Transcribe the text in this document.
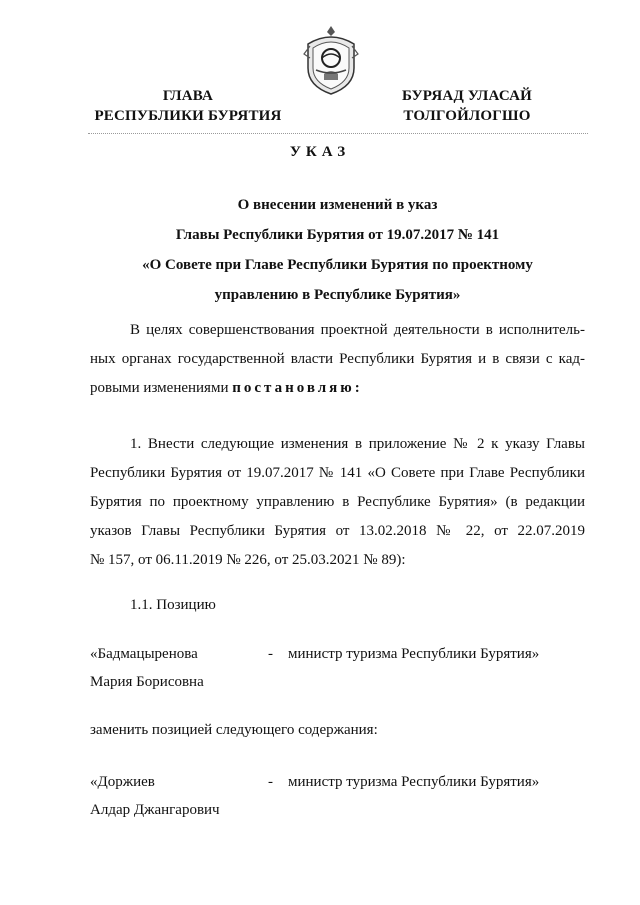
ГЛАВА
РЕСПУБЛИКИ БУРЯТИЯ
БУРЯАД УЛАСАЙ
ТОЛГОЙЛОГШО
УКАЗ
О внесении изменений в указ
Главы Республики Бурятия от 19.07.2017 № 141
«О Совете при Главе Республики Бурятия по проектному
управлению в Республике Бурятия»
В целях совершенствования проектной деятельности в исполнитель-
ных органах государственной власти Республики Бурятия и в связи с кад-
ровыми изменениями постановляю:
1. Внести следующие изменения в приложение № 2 к указу Главы
Республики Бурятия от 19.07.2017 № 141 «О Совете при Главе Республики
Бурятия по проектному управлению в Республике Бурятия» (в редакции
указов Главы Республики Бурятия от 13.02.2018 № 22, от 22.07.2019
№ 157, от 06.11.2019 № 226, от 25.03.2021 № 89):
1.1. Позицию
«Бадмацыренова	- министр туризма Республики Бурятия»
Мария Борисовна
заменить позицией следующего содержания:
«Доржиев	- министр туризма Республики Бурятия»
Алдар Джангарович
